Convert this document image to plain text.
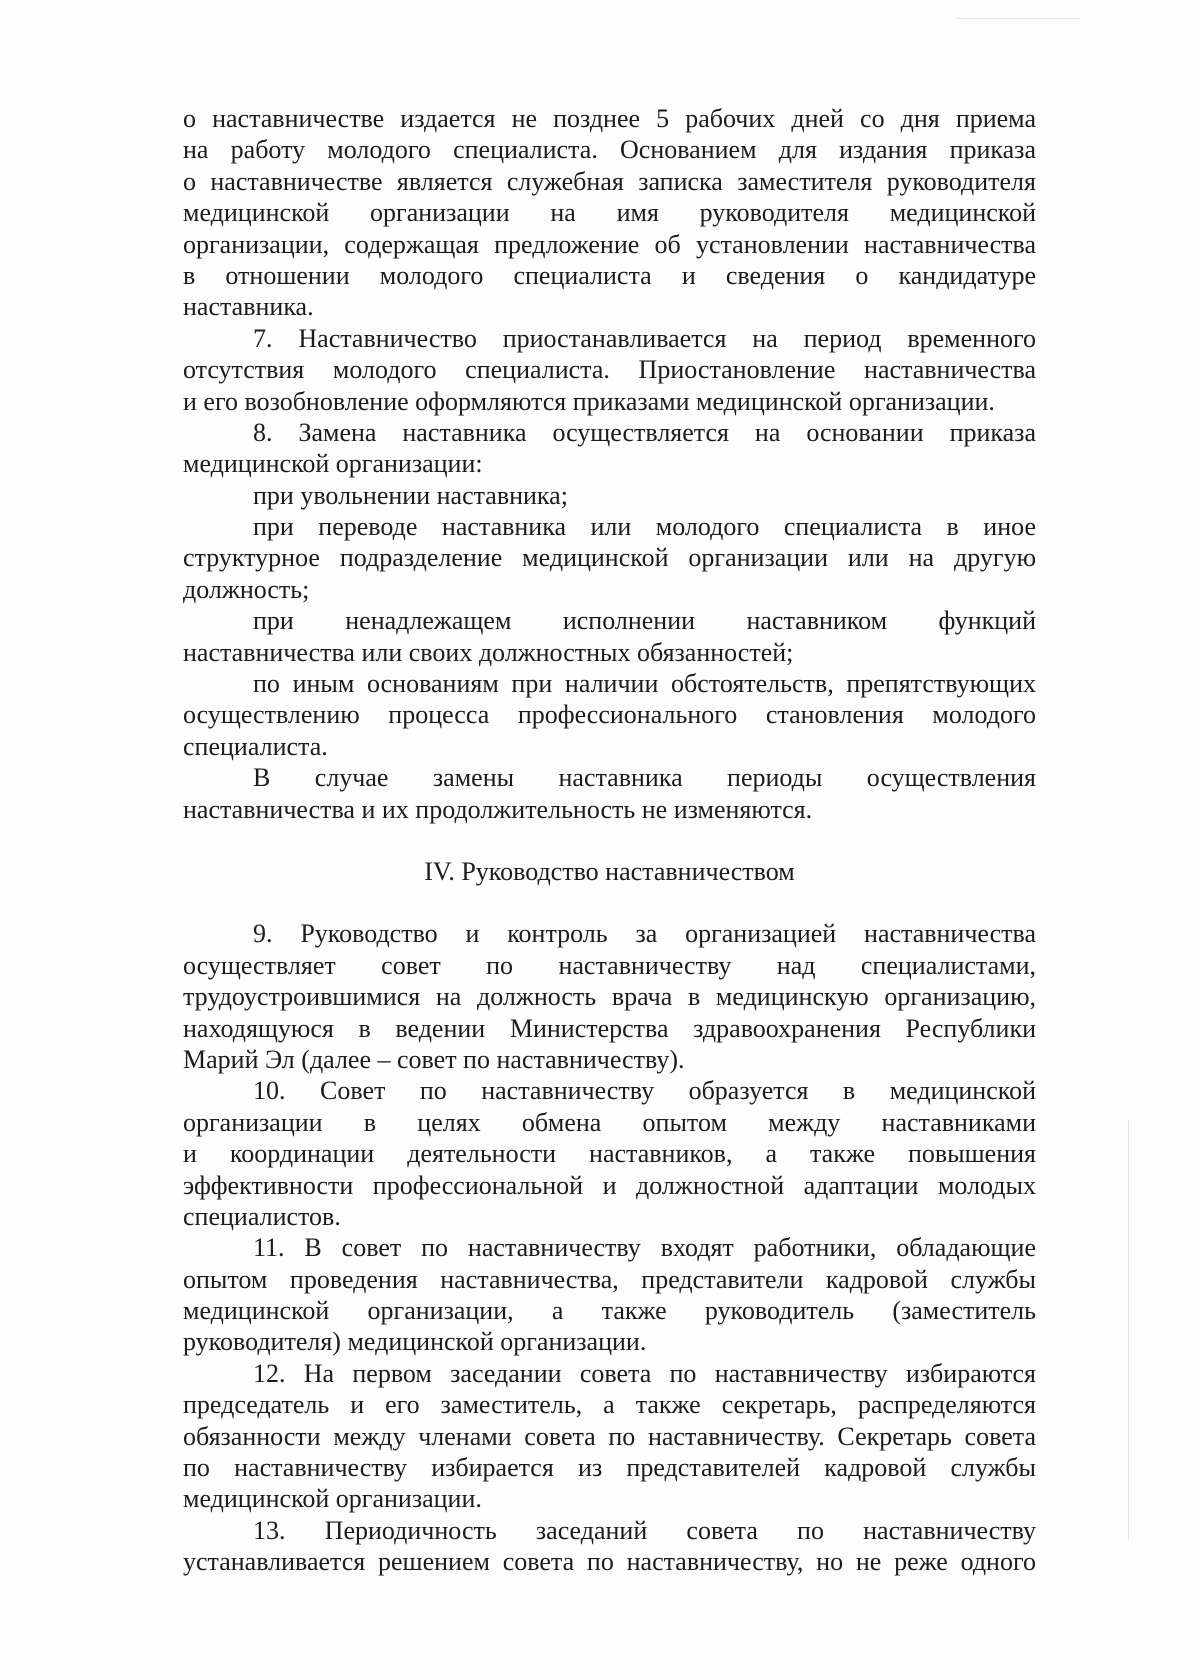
о наставничестве издается не позднее 5 рабочих дней со дня приема
на работу молодого специалиста. Основанием для издания приказа
о наставничестве является служебная записка заместителя руководителя
медицинской организации на имя руководителя медицинской
организации, содержащая предложение об установлении наставничества
в отношении молодого специалиста и сведения о кандидатуре
наставника.
7. Наставничество приостанавливается на период временного
отсутствия молодого специалиста. Приостановление наставничества
и его возобновление оформляются приказами медицинской организации.
8. Замена наставника осуществляется на основании приказа
медицинской организации:
при увольнении наставника;
при переводе наставника или молодого специалиста в иное
структурное подразделение медицинской организации или на другую
должность;
при ненадлежащем исполнении наставником функций
наставничества или своих должностных обязанностей;
по иным основаниям при наличии обстоятельств, препятствующих
осуществлению процесса профессионального становления молодого
специалиста.
В случае замены наставника периоды осуществления
наставничества и их продолжительность не изменяются.
IV. Руководство наставничеством
9. Руководство и контроль за организацией наставничества
осуществляет совет по наставничеству над специалистами,
трудоустроившимися на должность врача в медицинскую организацию,
находящуюся в ведении Министерства здравоохранения Республики
Марий Эл (далее – совет по наставничеству).
10. Совет по наставничеству образуется в медицинской
организации в целях обмена опытом между наставниками
и координации деятельности наставников, а также повышения
эффективности профессиональной и должностной адаптации молодых
специалистов.
11. В совет по наставничеству входят работники, обладающие
опытом проведения наставничества, представители кадровой службы
медицинской организации, а также руководитель (заместитель
руководителя) медицинской организации.
12. На первом заседании совета по наставничеству избираются
председатель и его заместитель, а также секретарь, распределяются
обязанности между членами совета по наставничеству. Секретарь совета
по наставничеству избирается из представителей кадровой службы
медицинской организации.
13. Периодичность заседаний совета по наставничеству
устанавливается решением совета по наставничеству, но не реже одного
